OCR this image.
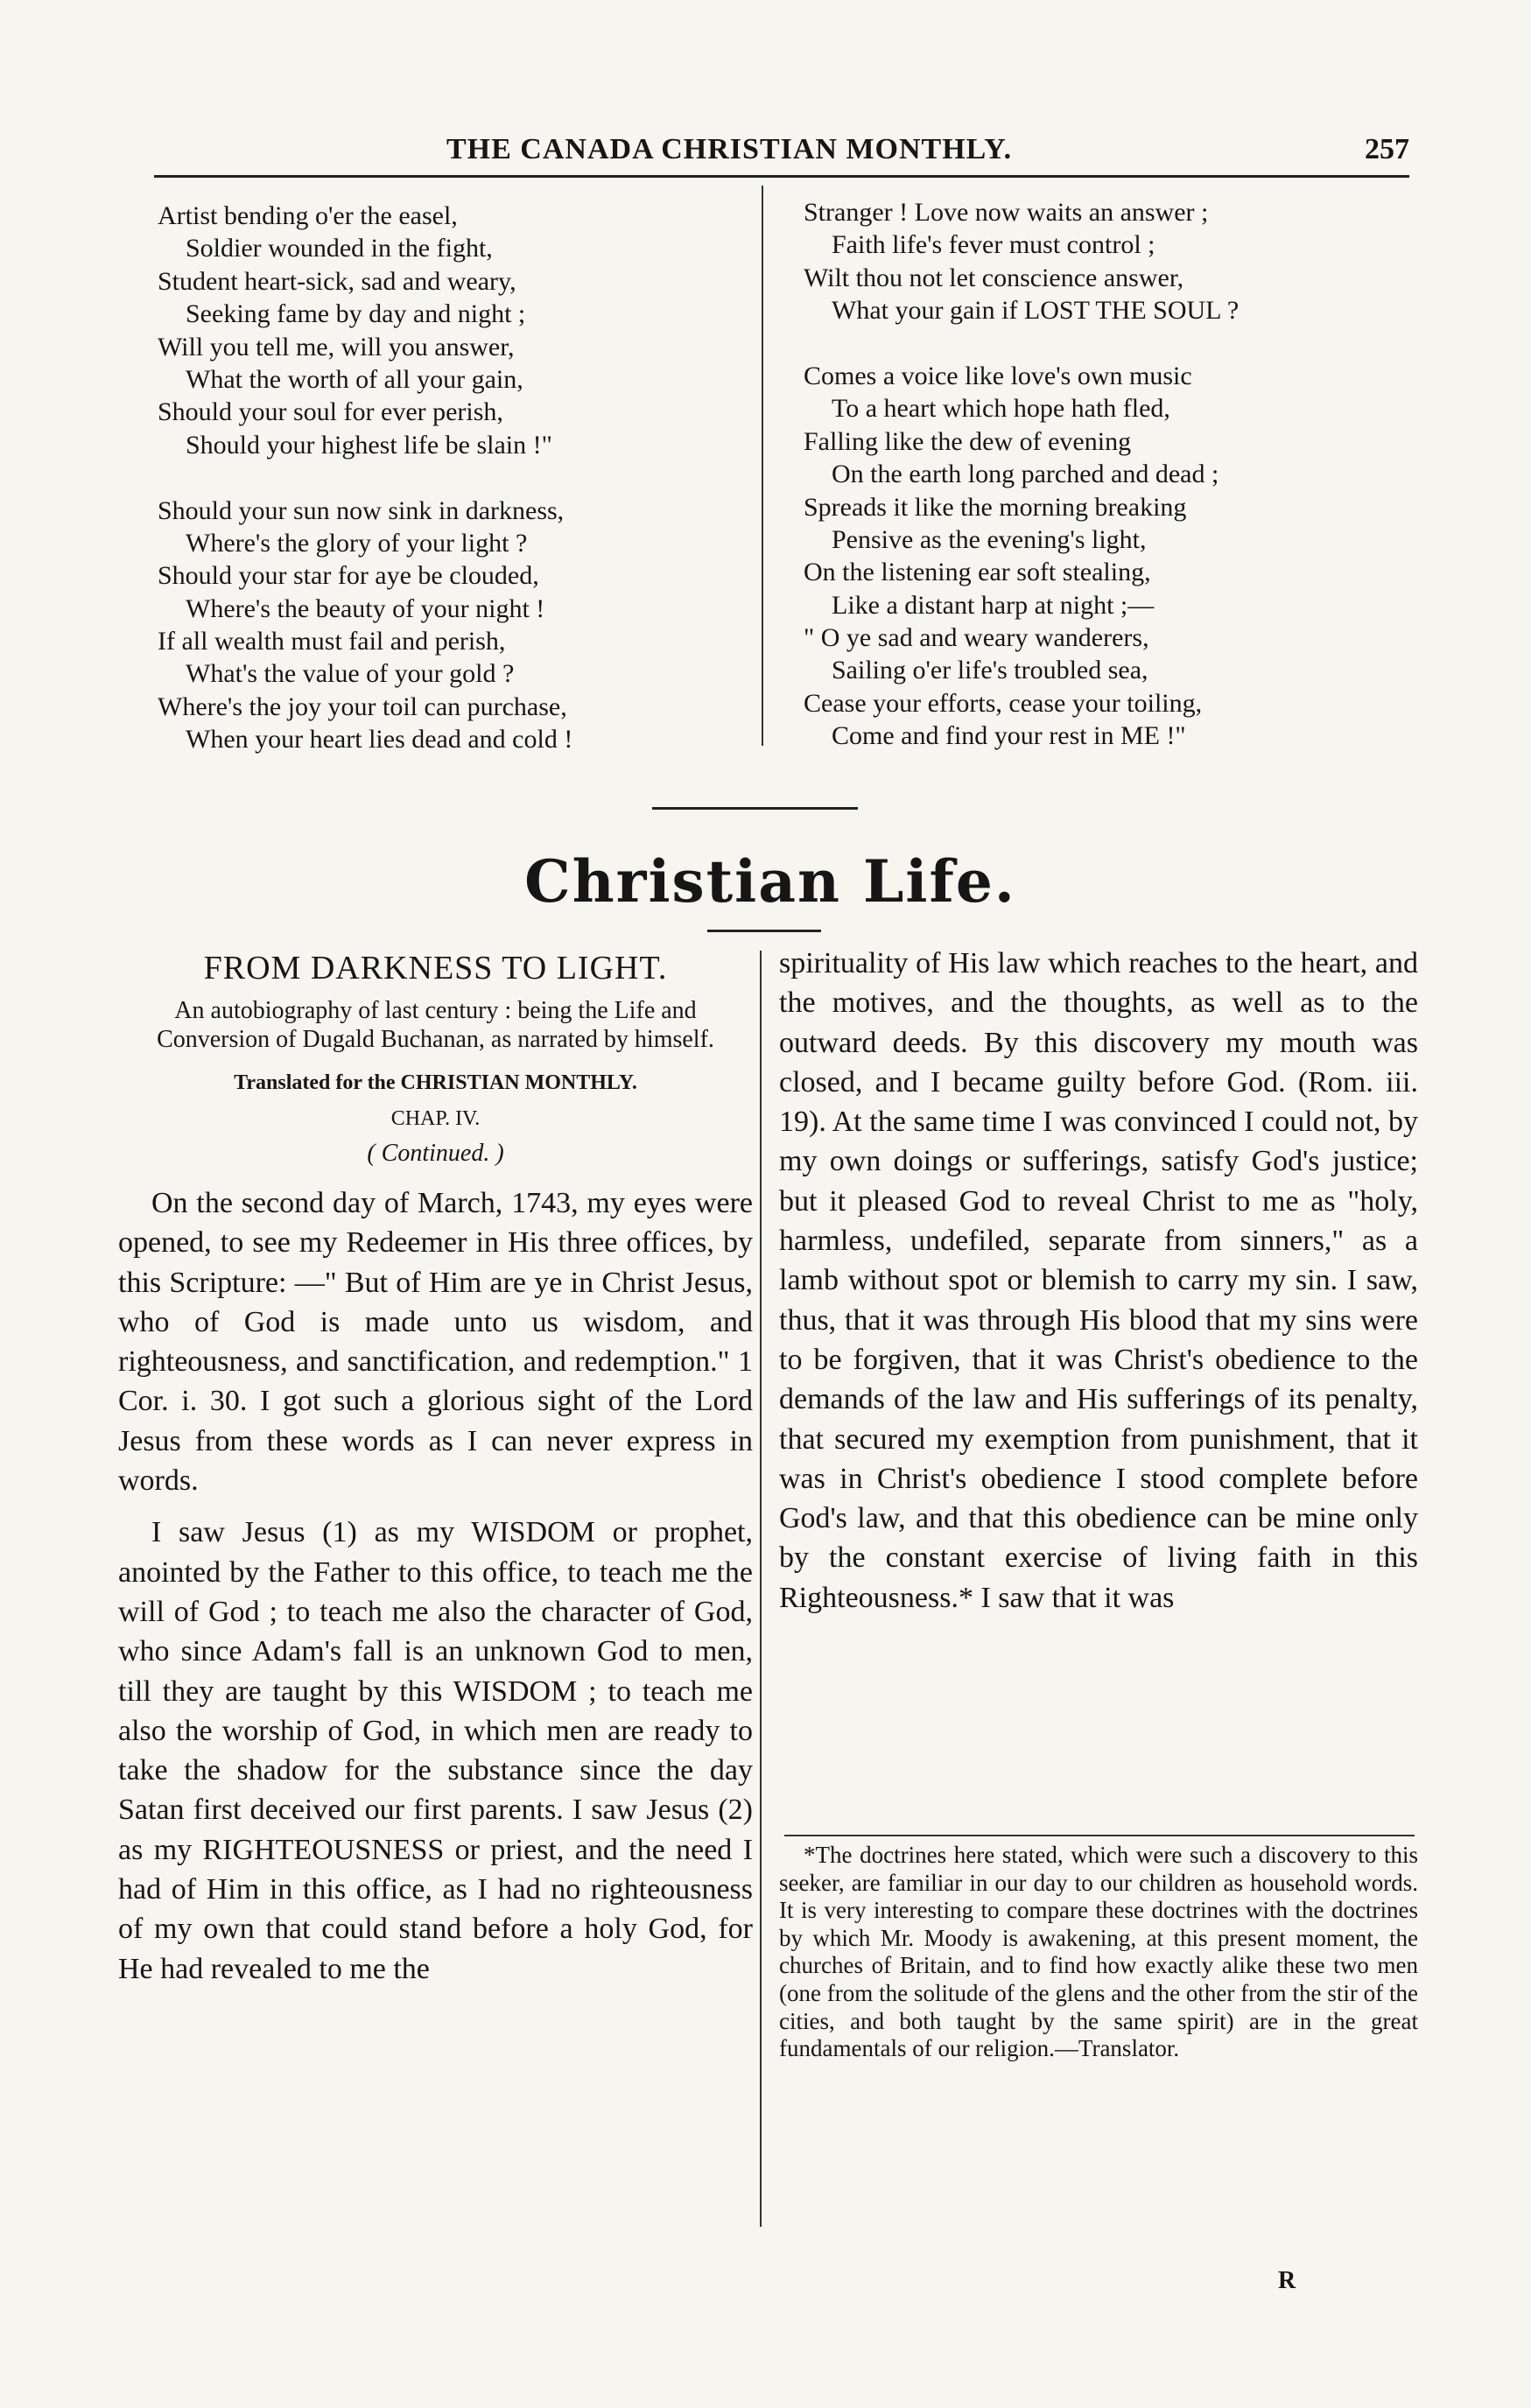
THE CANADA CHRISTIAN MONTHLY.	257
Artist bending o'er the easel,
Soldier wounded in the fight,
Student heart-sick, sad and weary,
Seeking fame by day and night ;
Will you tell me, will you answer,
What the worth of all your gain,
Should your soul for ever perish,
Should your highest life be slain !"
Should your sun now sink in darkness,
Where's the glory of your light ?
Should your star for aye be clouded,
Where's the beauty of your night !
If all wealth must fail and perish,
What's the value of your gold ?
Where's the joy your toil can purchase,
When your heart lies dead and cold !
Stranger ! Love now waits an answer ;
Faith life's fever must control ;
Wilt thou not let conscience answer,
What your gain if LOST THE SOUL ?
Comes a voice like love's own music
To a heart which hope hath fled,
Falling like the dew of evening
On the earth long parched and dead ;
Spreads it like the morning breaking
Pensive as the evening's light,
On the listening ear soft stealing,
Like a distant harp at night ;—
" O ye sad and weary wanderers,
Sailing o'er life's troubled sea,
Cease your efforts, cease your toiling,
Come and find your rest in ME !"
Christian Life.
FROM DARKNESS TO LIGHT.
An autobiography of last century : being the Life and Conversion of Dugald Buchanan, as narrated by himself.
Translated for the CHRISTIAN MONTHLY.
CHAP. IV.
( Continued. )

On the second day of March, 1743, my eyes were opened, to see my Redeemer in His three offices, by this Scripture: —" But of Him are ye in Christ Jesus, who of God is made unto us wisdom, and righteousness, and sanctification, and redemption." 1 Cor. i. 30. I got such a glorious sight of the Lord Jesus from these words as I can never express in words.

I saw Jesus (1) as my WISDOM or prophet, anointed by the Father to this office, to teach me the will of God ; to teach me also the character of God, who since Adam's fall is an unknown God to men, till they are taught by this WISDOM ; to teach me also the worship of God, in which men are ready to take the shadow for the substance since the day Satan first deceived our first parents. I saw Jesus (2) as my RIGHTEOUSNESS or priest, and the need I had of Him in this office, as I had no righteousness of my own that could stand before a holy God, for He had revealed to me the

spirituality of His law which reaches to the heart, and the motives, and the thoughts, as well as to the outward deeds. By this discovery my mouth was closed, and I became guilty before God. (Rom. iii. 19). At the same time I was convinced I could not, by my own doings or sufferings, satisfy God's justice; but it pleased God to reveal Christ to me as "holy, harmless, undefiled, separate from sinners," as a lamb without spot or blemish to carry my sin. I saw, thus, that it was through His blood that my sins were to be forgiven, that it was Christ's obedience to the demands of the law and His sufferings of its penalty, that secured my exemption from punishment, that it was in Christ's obedience I stood complete before God's law, and that this obedience can be mine only by the constant exercise of living faith in this Righteousness.* I saw that it was

*The doctrines here stated, which were such a discovery to this seeker, are familiar in our day to our children as household words. It is very interesting to compare these doctrines with the doctrines by which Mr. Moody is awakening, at this present moment, the churches of Britain, and to find how exactly alike these two men (one from the solitude of the glens and the other from the stir of the cities, and both taught by the same spirit) are in the great fundamentals of our religion.—Translator.

R
